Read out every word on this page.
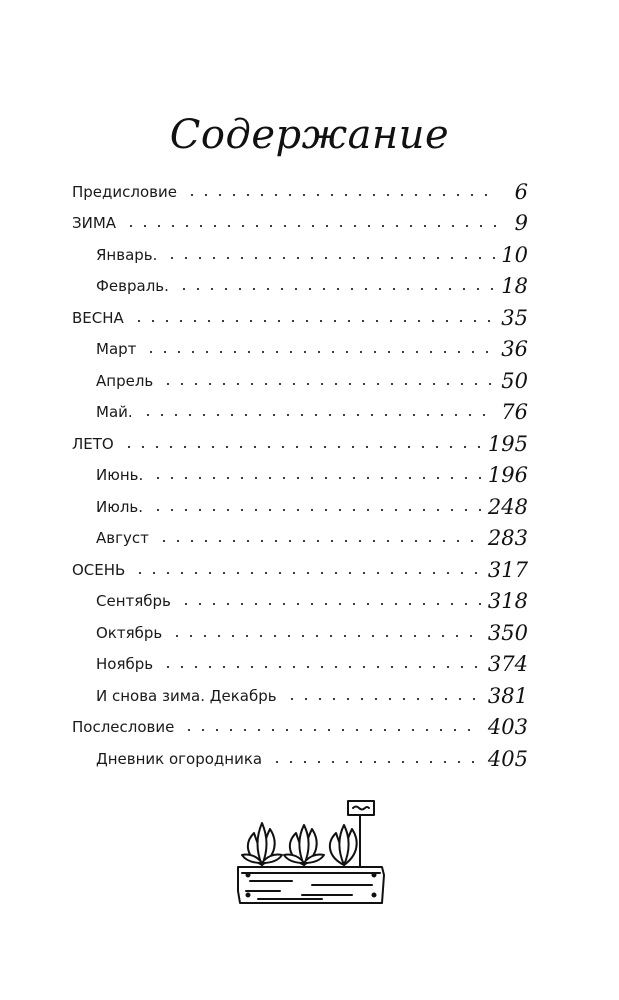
Содержание
Предисловие	6
ЗИМА	9
Январь.	10
Февраль.	18
ВЕСНА	35
Март	36
Апрель	50
Май.	76
ЛЕТО	195
Июнь.	196
Июль.	248
Август	283
ОСЕНЬ	317
Сентябрь	318
Октябрь	350
Ноябрь	374
И снова зима. Декабрь	381
Послесловие	403
Дневник огородника	405
